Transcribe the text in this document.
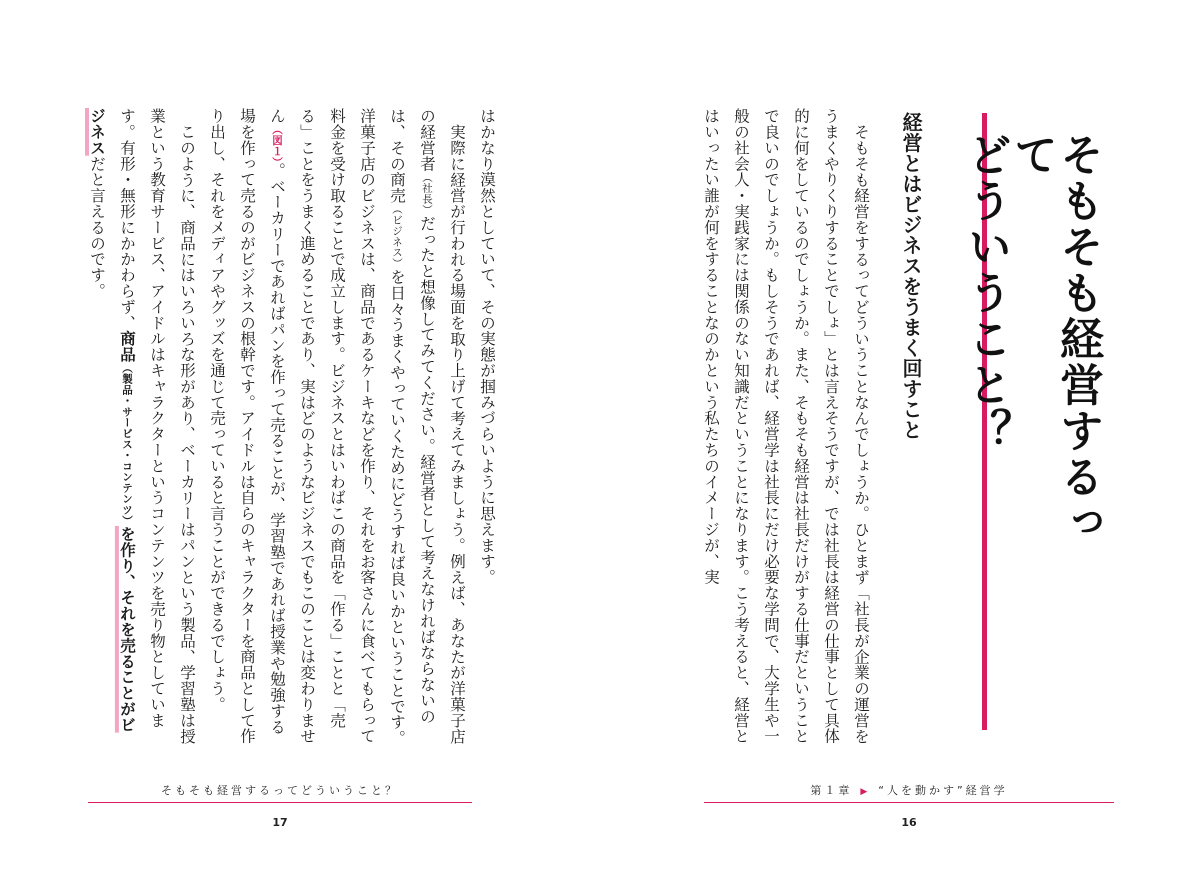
そもそも経営するって
どういうこと？
経営とはビジネスをうまく回すこと

そもそも経営をするってどういうことなんでしょうか。ひとまず「社長が企業の運営をうまくやりくりすることでしょ」とは言えそうですが、では社長は経営の仕事として具体的に何をしているのでしょうか。また、そもそも経営は社長だけがする仕事だということで良いのでしょうか。もしそうであれば、経営学は社長にだけ必要な学問で、大学生や一般の社会人・実践家には関係のない知識だということになります。こう考えると、経営とはいったい誰が何をすることなのかという私たちのイメージが、実

第１章 ▶ “人を動かす”経営学
16

はかなり漠然としていて、その実態が掴みづらいように思えます。

実際に経営が行われる場面を取り上げて考えてみましょう。例えば、あなたが洋菓子店の経営者（社長）だったと想像してみてください。経営者として考えなければならないのは、その商売（ビジネス）を日々うまくやっていくためにどうすれば良いかということです。洋菓子店のビジネスは、商品であるケーキなどを作り、それをお客さんに食べてもらって料金を受け取ることで成立します。ビジネスとはいわばこの商品を「作る」ことと「売る」ことをうまく進めることであり、実はどのようなビジネスでもこのことは変わりません（図１）。ベーカリーであればパンを作って売ることが、学習塾であれば授業や勉強する場を作って売るのがビジネスの根幹です。アイドルは自らのキャラクターを商品として作り出し、それをメディアやグッズを通じて売っていると言うことができるでしょう。

このように、商品にはいろいろな形があり、ベーカリーはパンという製品、学習塾は授業という教育サービス、アイドルはキャラクターというコンテンツを売り物としています。有形・無形にかかわらず、商品（製品・サービス・コンテンツ）を作り、それを売ることがビジネスだと言えるのです。

そもそも経営するってどういうこと？
17
